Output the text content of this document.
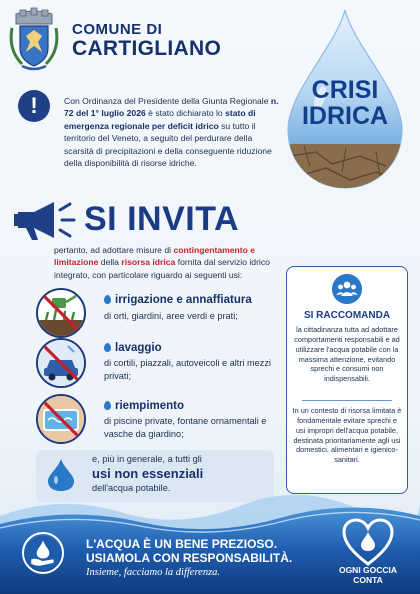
COMUNE DI
CARTIGLIANO
CRISI
IDRICA
!	Con Ordinanza del Presidente della Giunta Regionale n. 72 del 1° luglio 2026 è stato dichiarato lo stato di emergenza regionale per deficit idrico su tutto il territorio del Veneto, a seguito del perdurare della scarsità di precipitazioni e della conseguente riduzione della disponibilità di risorse idriche.
SI INVITA
pertanto, ad adottare misure di contingentamento e limitazione della risorsa idrica fornita dal servizio idrico integrato, con particolare riguardo ai seguenti usi:
irrigazione e annaffiatura
di orti, giardini, aree verdi e prati;
lavaggio
di cortili, piazzali, autoveicoli e altri mezzi privati;
riempimento
di piscine private, fontane ornamentali e vasche da giardino;
e, più in generale, a tutti gli
usi non essenziali
dell'acqua potabile.
SI RACCOMANDA
la cittadinanza tutta ad adottare comportamenti responsabili e ad utilizzare l'acqua potabile con la massima attenzione, evitando sprechi e consumi non indispensabili.
In un contesto di risorsa limitata è fondamentale evitare sprechi e usi impropri dell'acqua potabile, destinata prioritariamente agli usi domestici, alimentari e igienico-sanitari.
L'ACQUA È UN BENE PREZIOSO.
USIAMOLA CON RESPONSABILITÀ.
Insieme, facciamo la differenza.	OGNI GOCCIA
CONTA
